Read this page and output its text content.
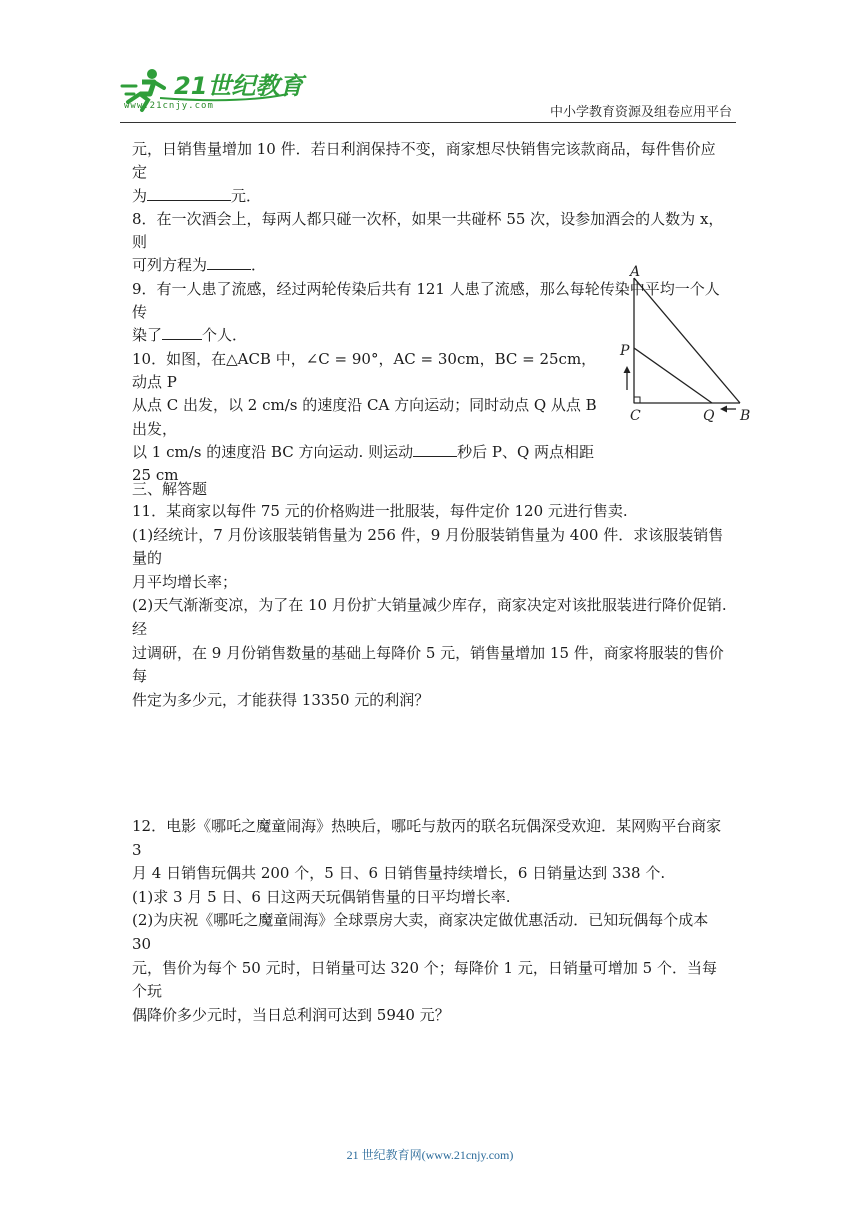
21世纪教育
www.21cnjy.com	中小学教育资源及组卷应用平台

元，日销售量增加 10 件．若日利润保持不变，商家想尽快销售完该款商品，每件售价应定

为	元．

8．在一次酒会上，每两人都只碰一次杯，如果一共碰杯 55 次，设参加酒会的人数为 x，则

可列方程为	．

9．有一人患了流感，经过两轮传染后共有 121 人患了流感，那么每轮传染中平均一个人传

染了	个人．

10．如图，在△ACB 中，∠C = 90°，AC = 30cm，BC = 25cm，动点 P

从点 C 出发，以 2 cm/s 的速度沿 CA 方向运动；同时动点 Q 从点 B 出发，

以 1 cm/s 的速度沿 BC 方向运动. 则运动	秒后 P、Q 两点相距 25 cm

A
P
C	Q B
三、解答题

11．某商家以每件 75 元的价格购进一批服装，每件定价 120 元进行售卖.

(1)经统计，7 月份该服装销售量为 256 件，9 月份服装销售量为 400 件．求该服装销售量的

月平均增长率；

(2)天气渐渐变凉，为了在 10 月份扩大销量减少库存，商家决定对该批服装进行降价促销. 经

过调研，在 9 月份销售数量的基础上每降价 5 元，销售量增加 15 件，商家将服装的售价每

件定为多少元，才能获得 13350 元的利润？

12．电影《哪吒之魔童闹海》热映后，哪吒与敖丙的联名玩偶深受欢迎．某网购平台商家 3

月 4 日销售玩偶共 200 个，5 日、6 日销售量持续增长，6 日销量达到 338 个.

(1)求 3 月 5 日、6 日这两天玩偶销售量的日平均增长率.

(2)为庆祝《哪吒之魔童闹海》全球票房大卖，商家决定做优惠活动．已知玩偶每个成本 30

元，售价为每个 50 元时，日销量可达 320 个；每降价 1 元，日销量可增加 5 个．当每个玩

偶降价多少元时，当日总利润可达到 5940 元？

21 世纪教育网(www.21cnjy.com)
